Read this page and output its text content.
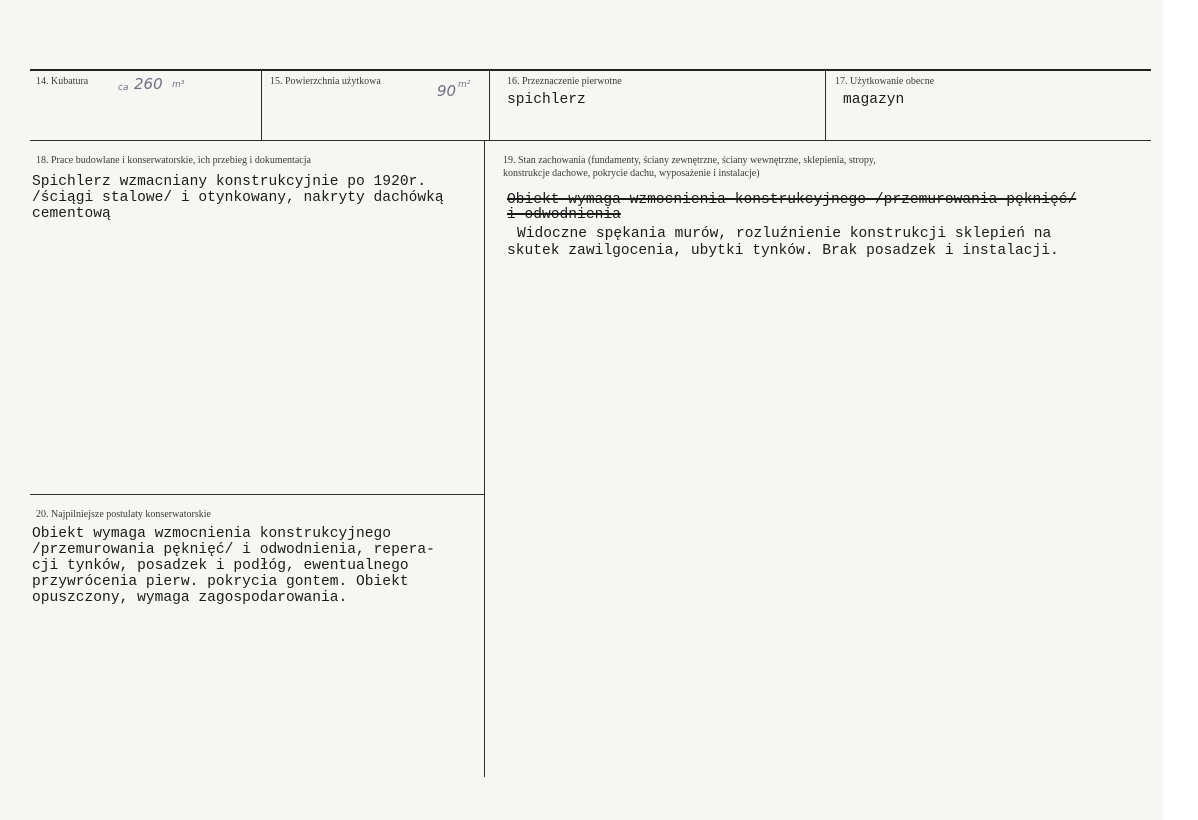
14. Kubatura
ca 260 m³	15. Powierzchnia użytkowa
90 m²	16. Przeznaczenie pierwotne
spichlerz
17. Użytkowanie obecne
magazyn
18. Prace budowlane i konserwatorskie, ich przebieg i dokumentacja
Spichlerz wzmacniany konstrukcyjnie po 1920r.
/ściągi stalowe/ i otynkowany, nakryty dachówką
cementową
19. Stan zachowania (fundamenty, ściany zewnętrzne, ściany wewnętrzne, sklepienia, stropy,
konstrukcje dachowe, pokrycie dachu, wyposażenie i instalacje)
Obiekt wymaga wzmocnienia konstrukcyjnego /przemurowania pęknięć/
i odwodnienia
Widoczne spękania murów, rozluźnienie konstrukcji sklepień na
skutek zawilgocenia, ubytki tynków. Brak posadzek i instalacji.
20. Najpilniejsze postulaty konserwatorskie
Obiekt wymaga wzmocnienia konstrukcyjnego
/przemurowania pęknięć/ i odwodnienia, repera-
cji tynków, posadzek i podłóg, ewentualnego
przywrócenia pierw. pokrycia gontem. Obiekt
opuszczony, wymaga zagospodarowania.
